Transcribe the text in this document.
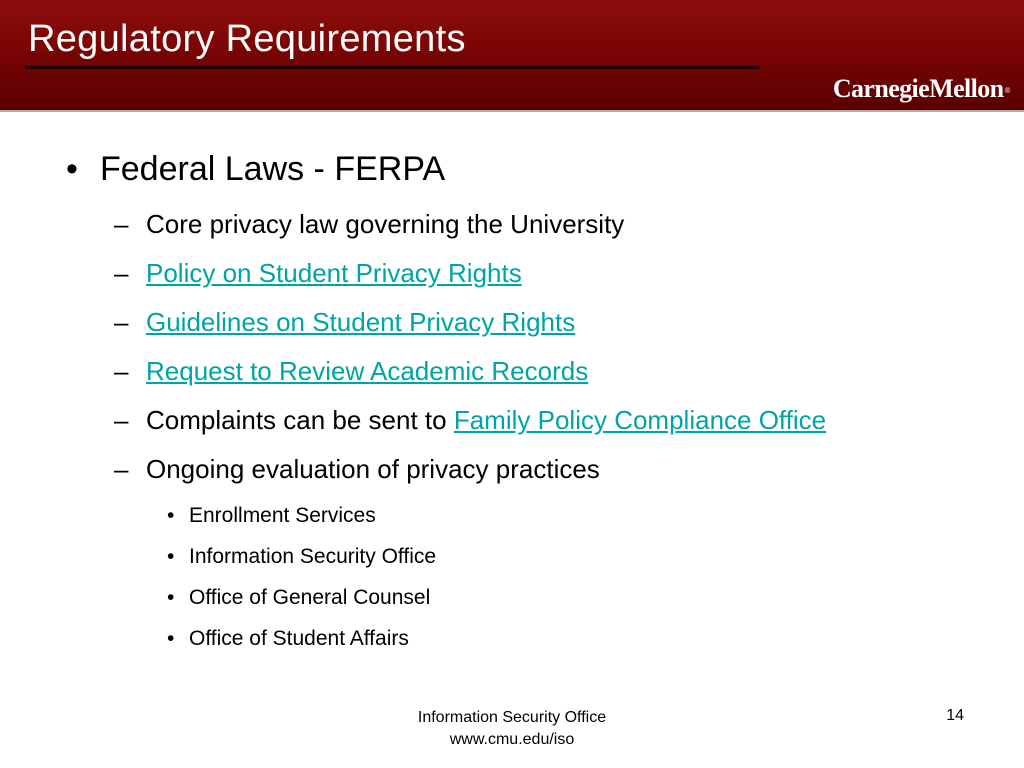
Regulatory Requirements
CarnegieMellon®
• Federal Laws - FERPA
– Core privacy law governing the University
– Policy on Student Privacy Rights
– Guidelines on Student Privacy Rights
– Request to Review Academic Records
– Complaints can be sent to Family Policy Compliance Office
– Ongoing evaluation of privacy practices
• Enrollment Services
• Information Security Office
• Office of General Counsel
• Office of Student Affairs
Information Security Office
www.cmu.edu/iso
14
